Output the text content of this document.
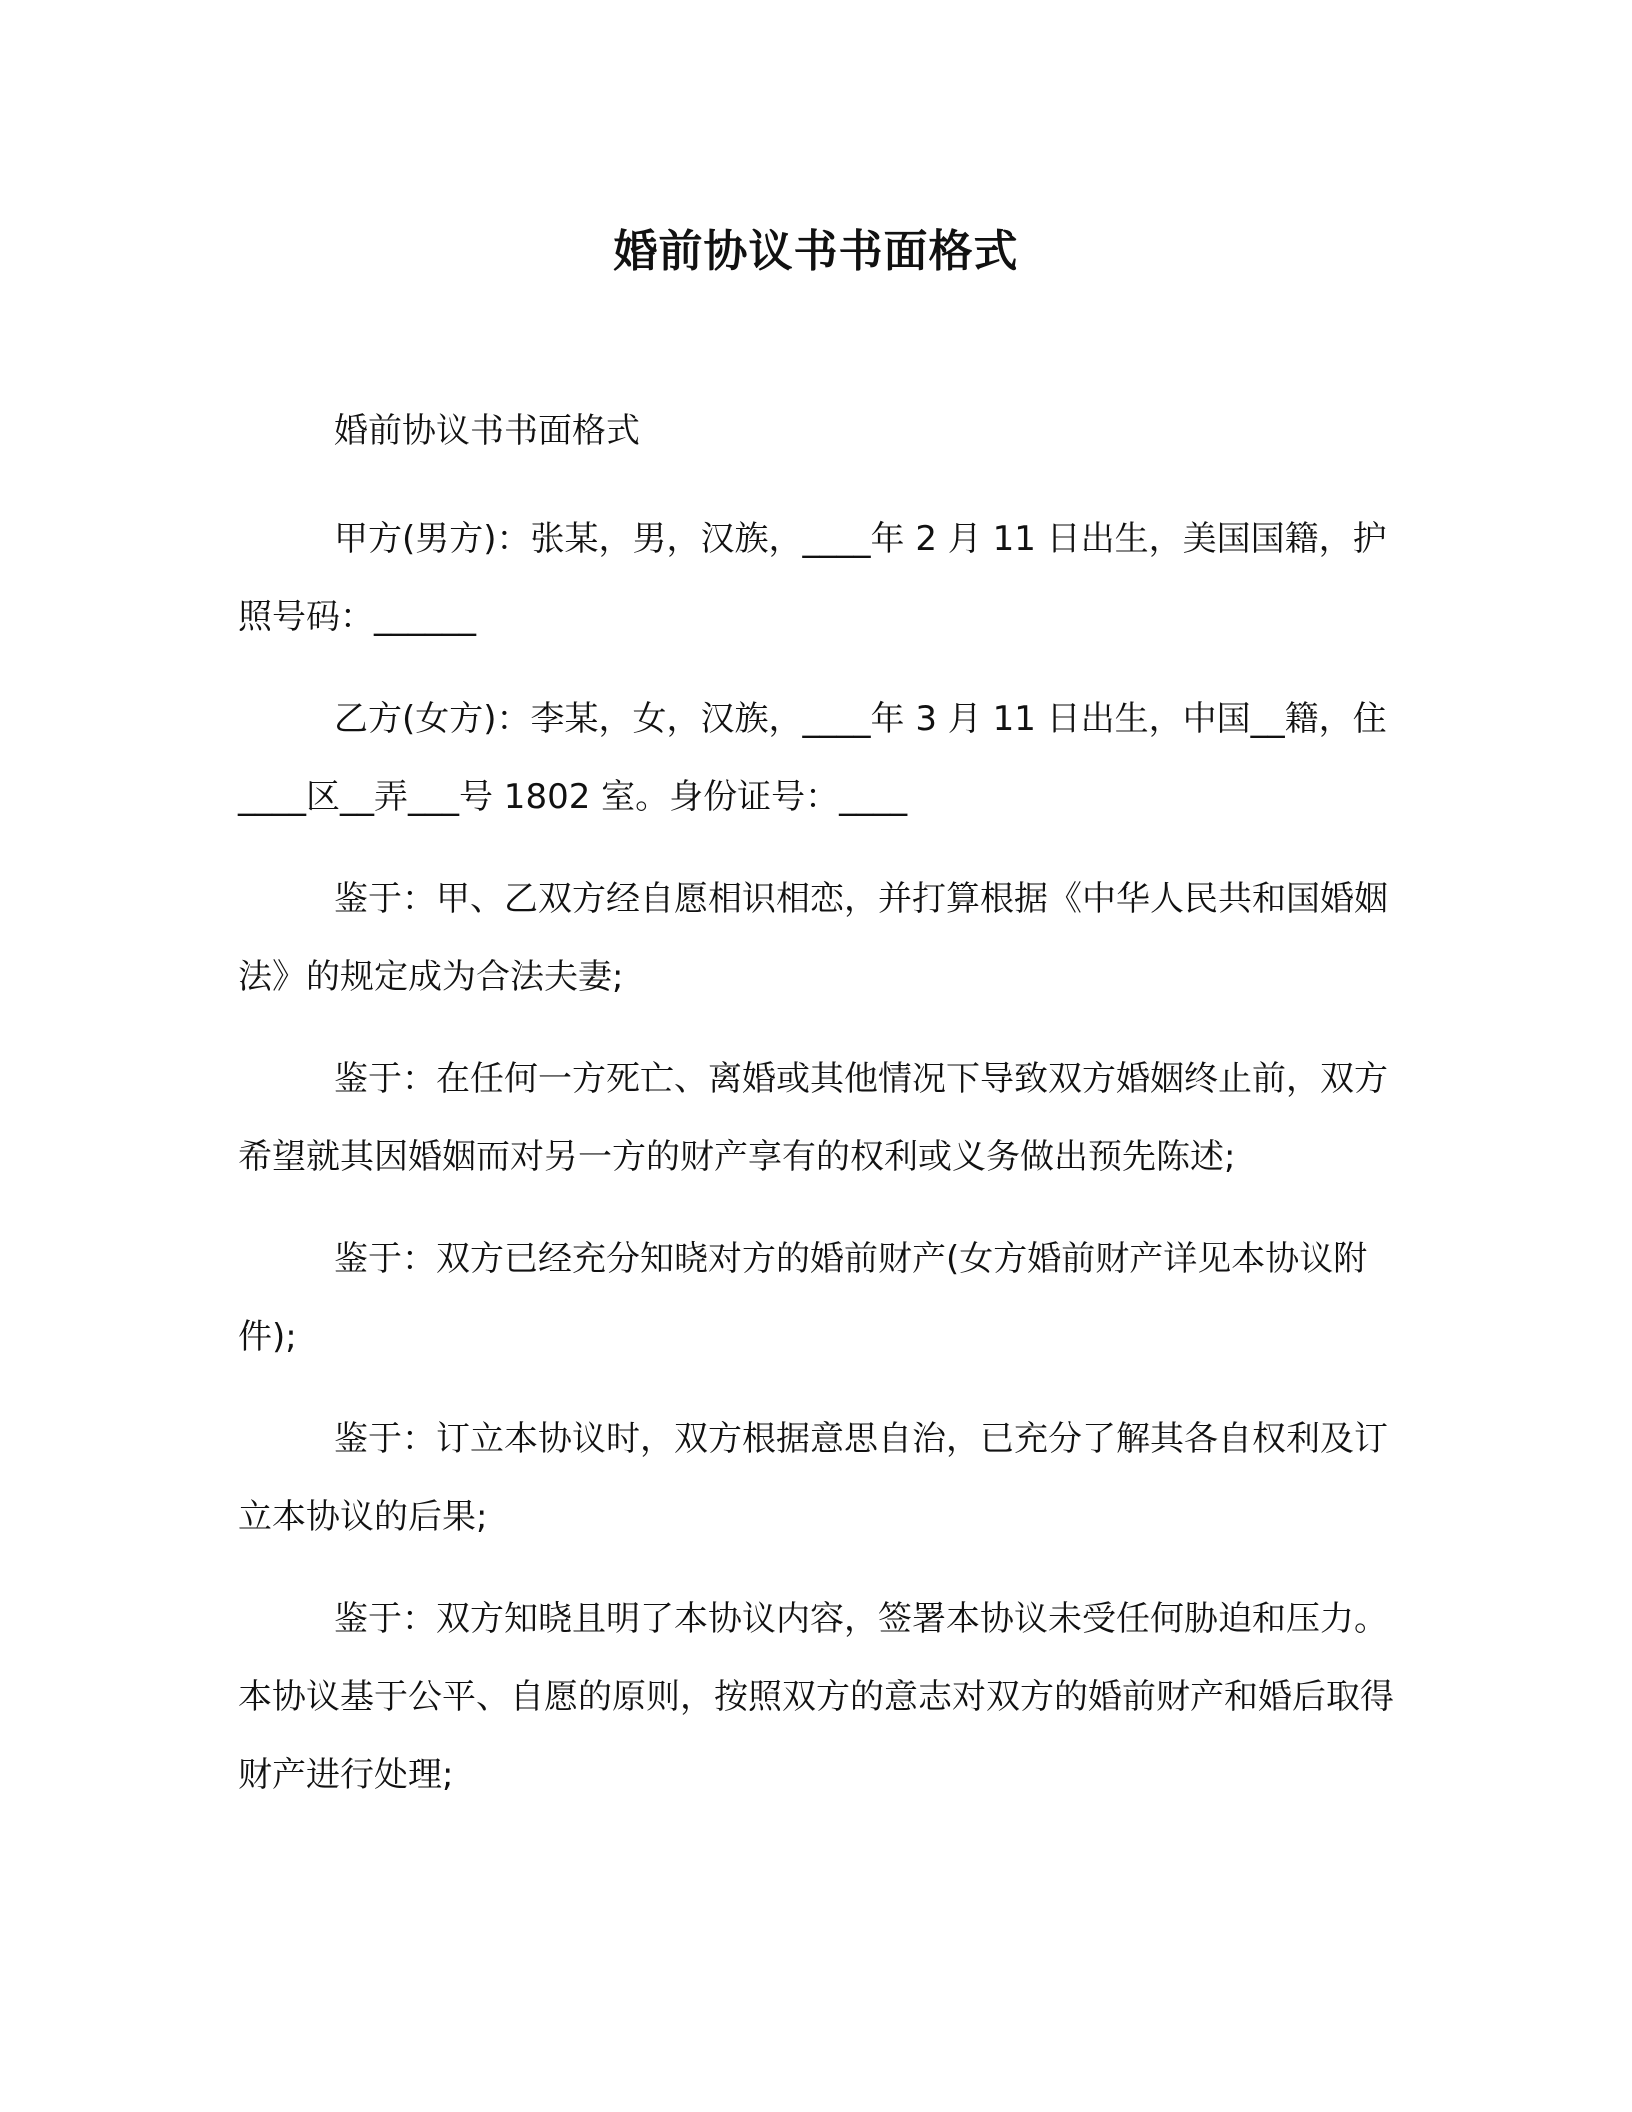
婚前协议书书面格式

婚前协议书书面格式

甲方(男方)：张某，男，汉族，____年 2 月 11 日出生，美国国籍，护照号码：______

乙方(女方)：李某，女，汉族，____年 3 月 11 日出生，中国__籍，住____区__弄___号 1802 室。身份证号：____

鉴于：甲、乙双方经自愿相识相恋，并打算根据《中华人民共和国婚姻法》的规定成为合法夫妻;

鉴于：在任何一方死亡、离婚或其他情况下导致双方婚姻终止前，双方希望就其因婚姻而对另一方的财产享有的权利或义务做出预先陈述;

鉴于：双方已经充分知晓对方的婚前财产(女方婚前财产详见本协议附件);

鉴于：订立本协议时，双方根据意思自治，已充分了解其各自权利及订立本协议的后果;

鉴于：双方知晓且明了本协议内容，签署本协议未受任何胁迫和压力。本协议基于公平、自愿的原则，按照双方的意志对双方的婚前财产和婚后取得财产进行处理;
